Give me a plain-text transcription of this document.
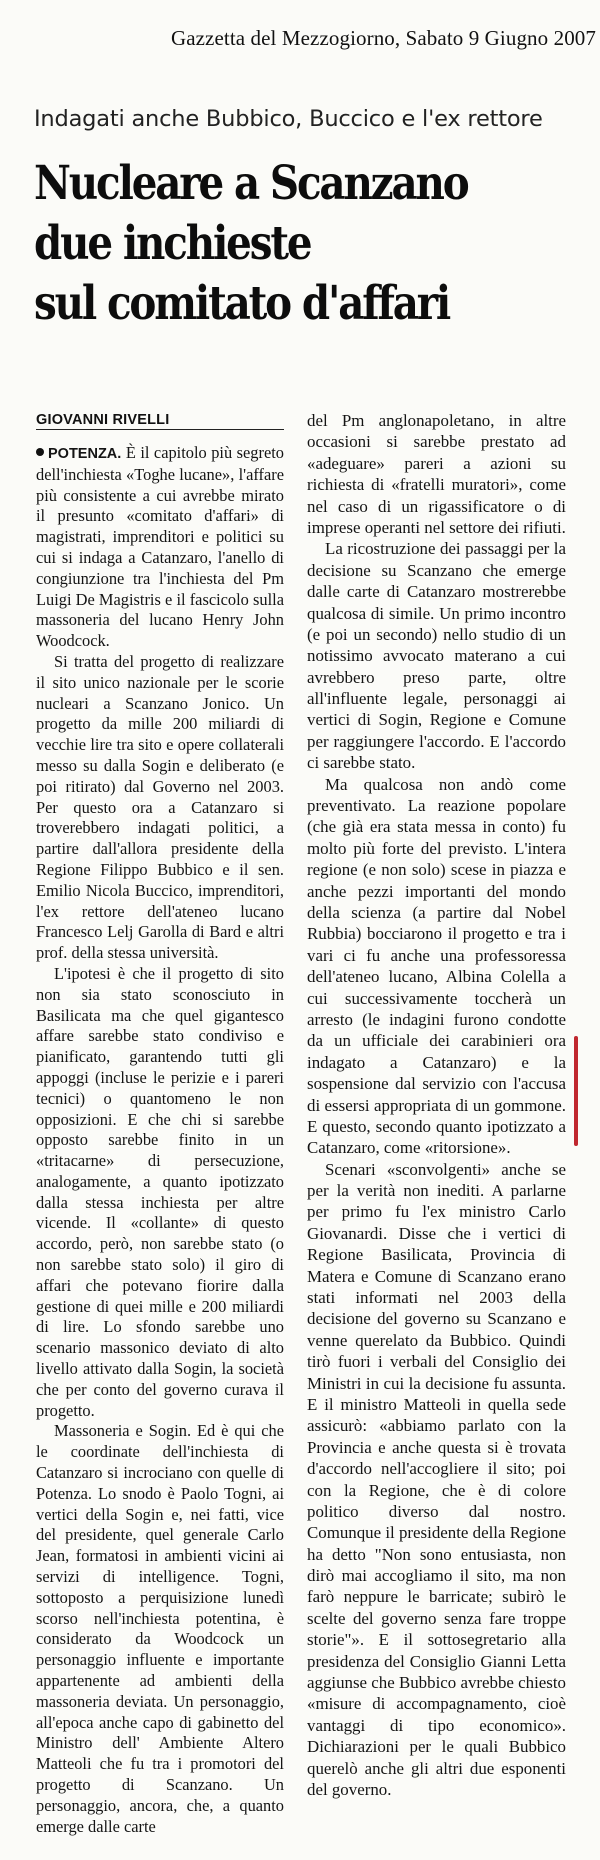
Gazzetta del Mezzogiorno, Sabato 9 Giugno 2007
Indagati anche Bubbico, Buccico e l'ex rettore
Nucleare a Scanzano
due inchieste
sul comitato d'affari
GIOVANNI RIVELLI

POTENZA. È il capitolo più segreto dell'inchiesta «Toghe lucane», l'affare più consistente a cui avrebbe mirato il presunto «comitato d'affari» di magistrati, imprenditori e politici su cui si indaga a Catanzaro, l'anello di congiunzione tra l'inchiesta del Pm Luigi De Magistris e il fascicolo sulla massoneria del lucano Henry John Woodcock.

Si tratta del progetto di realizzare il sito unico nazionale per le scorie nucleari a Scanzano Jonico. Un progetto da mille 200 miliardi di vecchie lire tra sito e opere collaterali messo su dalla Sogin e deliberato (e poi ritirato) dal Governo nel 2003. Per questo ora a Catanzaro si troverebbero indagati politici, a partire dall'allora presidente della Regione Filippo Bubbico e il sen. Emilio Nicola Buccico, imprenditori, l'ex rettore dell'ateneo lucano Francesco Lelj Garolla di Bard e altri prof. della stessa università.

L'ipotesi è che il progetto di sito non sia stato sconosciuto in Basilicata ma che quel gigantesco affare sarebbe stato condiviso e pianificato, garantendo tutti gli appoggi (incluse le perizie e i pareri tecnici) o quantomeno le non opposizioni. E che chi si sarebbe opposto sarebbe finito in un «tritacarne» di persecuzione, analogamente, a quanto ipotizzato dalla stessa inchiesta per altre vicende. Il «collante» di questo accordo, però, non sarebbe stato (o non sarebbe stato solo) il giro di affari che potevano fiorire dalla gestione di quei mille e 200 miliardi di lire. Lo sfondo sarebbe uno scenario massonico deviato di alto livello attivato dalla Sogin, la società che per conto del governo curava il progetto.

Massoneria e Sogin. Ed è qui che le coordinate dell'inchiesta di Catanzaro si incrociano con quelle di Potenza. Lo snodo è Paolo Togni, ai vertici della Sogin e, nei fatti, vice del presidente, quel generale Carlo Jean, formatosi in ambienti vicini ai servizi di intelligence. Togni, sottoposto a perquisizione lunedì scorso nell'inchiesta potentina, è considerato da Woodcock un personaggio influente e importante appartenente ad ambienti della massoneria deviata. Un personaggio, all'epoca anche capo di gabinetto del Ministro dell' Ambiente Altero Matteoli che fu tra i promotori del progetto di Scanzano. Un personaggio, ancora, che, a quanto emerge dalle carte

del Pm anglonapoletano, in altre occasioni si sarebbe prestato ad «adeguare» pareri a azioni su richiesta di «fratelli muratori», come nel caso di un rigassificatore o di imprese operanti nel settore dei rifiuti.

La ricostruzione dei passaggi per la decisione su Scanzano che emerge dalle carte di Catanzaro mostrerebbe qualcosa di simile. Un primo incontro (e poi un secondo) nello studio di un notissimo avvocato materano a cui avrebbero preso parte, oltre all'influente legale, personaggi ai vertici di Sogin, Regione e Comune per raggiungere l'accordo. E l'accordo ci sarebbe stato.

Ma qualcosa non andò come preventivato. La reazione popolare (che già era stata messa in conto) fu molto più forte del previsto. L'intera regione (e non solo) scese in piazza e anche pezzi importanti del mondo della scienza (a partire dal Nobel Rubbia) bocciarono il progetto e tra i vari ci fu anche una professoressa dell'ateneo lucano, Albina Colella a cui successivamente toccherà un arresto (le indagini furono condotte da un ufficiale dei carabinieri ora indagato a Catanzaro) e la sospensione dal servizio con l'accusa di essersi appropriata di un gommone. E questo, secondo quanto ipotizzato a Catanzaro, come «ritorsione».

Scenari «sconvolgenti» anche se per la verità non inediti. A parlarne per primo fu l'ex ministro Carlo Giovanardi. Disse che i vertici di Regione Basilicata, Provincia di Matera e Comune di Scanzano erano stati informati nel 2003 della decisione del governo su Scanzano e venne querelato da Bubbico. Quindi tirò fuori i verbali del Consiglio dei Ministri in cui la decisione fu assunta. E il ministro Matteoli in quella sede assicurò: «abbiamo parlato con la Provincia e anche questa si è trovata d'accordo nell'accogliere il sito; poi con la Regione, che è di colore politico diverso dal nostro. Comunque il presidente della Regione ha detto "Non sono entusiasta, non dirò mai accogliamo il sito, ma non farò neppure le barricate; subirò le scelte del governo senza fare troppe storie"». E il sottosegretario alla presidenza del Consiglio Gianni Letta aggiunse che Bubbico avrebbe chiesto «misure di accompagnamento, cioè vantaggi di tipo economico». Dichiarazioni per le quali Bubbico querelò anche gli altri due esponenti del governo.
